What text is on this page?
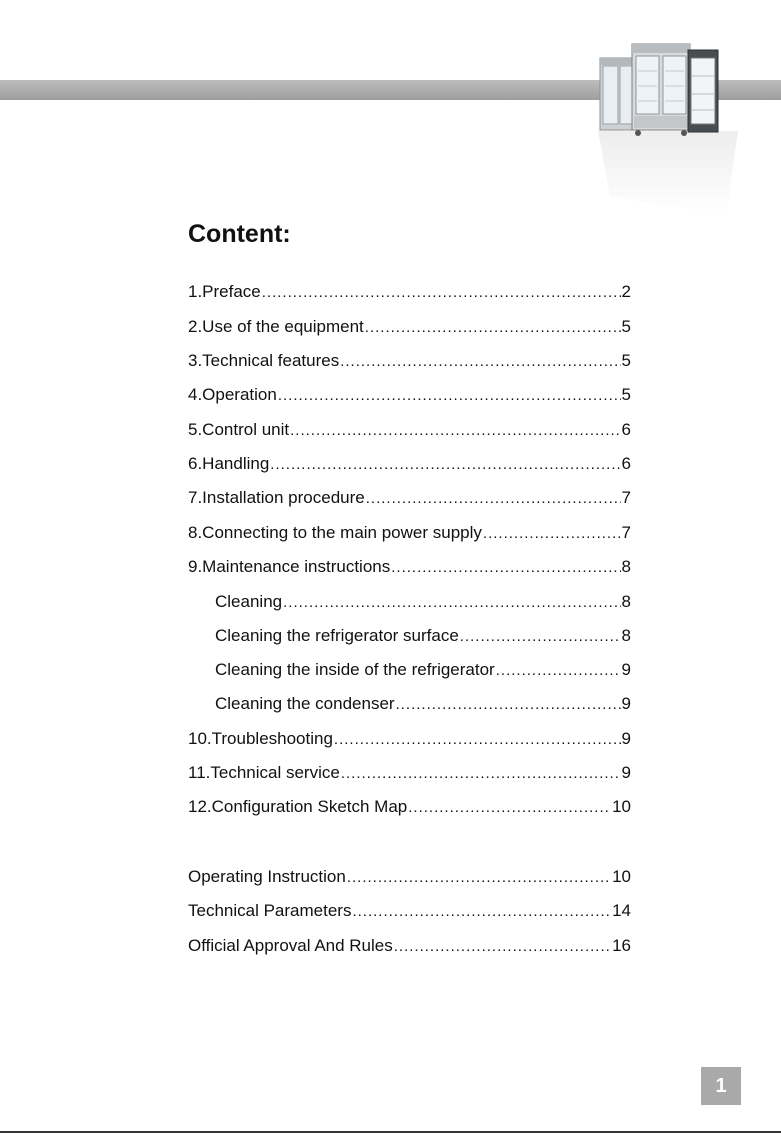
Content:
1.Preface .....	2
2.Use of the equipment .....	5
3.Technical features .....	5
4.Operation .....	5
5.Control unit .....	6
6.Handling .....	6
7.Installation procedure .....	7
8.Connecting to the main power supply .....	7
9.Maintenance instructions .....	8
Cleaning .....	8
Cleaning the refrigerator surface .....	8
Cleaning the inside of the refrigerator .....	9
Cleaning the condenser .....	9
10.Troubleshooting .....	9
11.Technical service .....	9
12.Configuration Sketch Map .....	10
Operating Instruction .....	10
Technical Parameters .....	14
Official Approval And Rules .....	16
1
